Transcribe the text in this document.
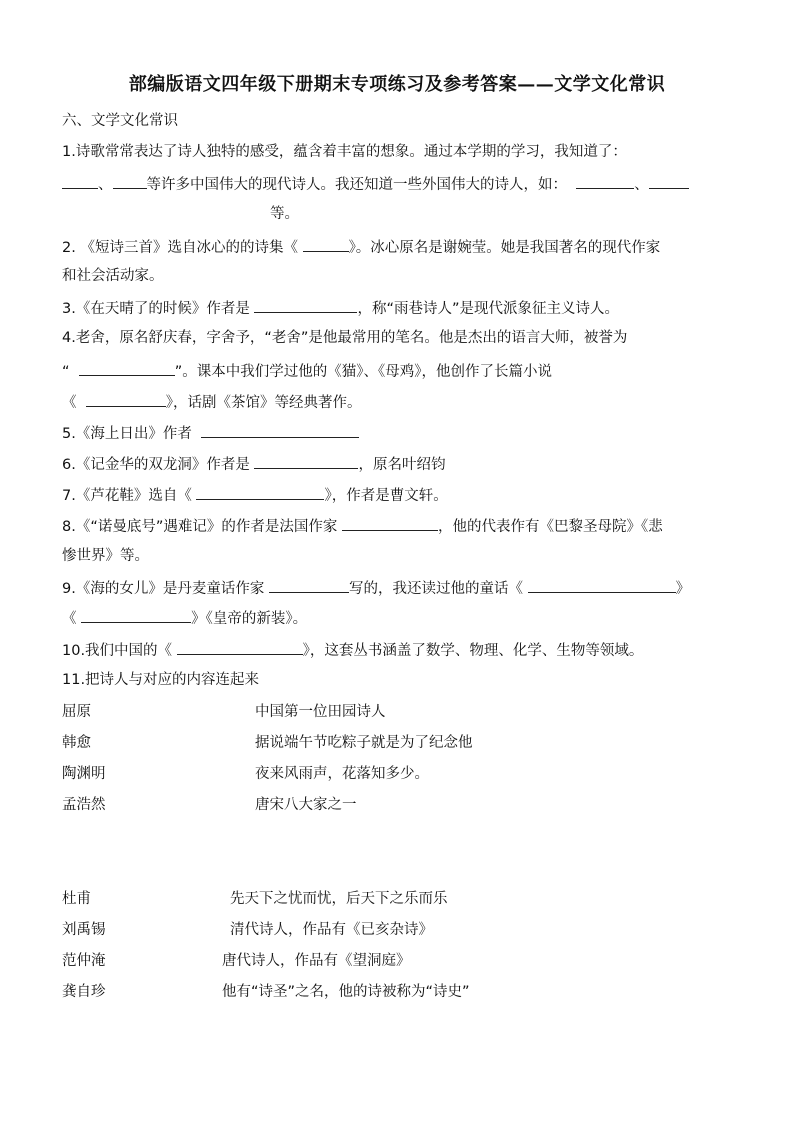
部编版语文四年级下册期末专项练习及参考答案——文学文化常识
六、文学文化常识
1.诗歌常常表达了诗人独特的感受，蕴含着丰富的想象。通过本学期的学习，我知道了：
、 等许多中国伟大的现代诗人。我还知道一些外国伟大的诗人，如：	、
等。
2. 《短诗三首》选自冰心的的诗集《	》。冰心原名是谢婉莹。她是我国著名的现代作家
和社会活动家。
3.《在天晴了的时候》作者是	，称“雨巷诗人”是现代派象征主义诗人。
4.老舍，原名舒庆春，字舍予，“老舍”是他最常用的笔名。他是杰出的语言大师，被誉为
“	”。课本中我们学过他的《猫》、《母鸡》，他创作了长篇小说
《	》，话剧《茶馆》等经典著作。
5.《海上日出》作者
6.《记金华的双龙洞》作者是	，原名叶绍钧
7.《芦花鞋》选自《	》，作者是曹文轩。
8.《“诺曼底号”遇难记》的作者是法国作家	，他的代表作有《巴黎圣母院》《悲
惨世界》等。
9.《海的女儿》是丹麦童话作家	写的，我还读过他的童话《	》
《	》《皇帝的新装》。
10.我们中国的《	》，这套丛书涵盖了数学、物理、化学、生物等领域。
11.把诗人与对应的内容连起来
屈原	中国第一位田园诗人
韩愈	据说端午节吃粽子就是为了纪念他
陶渊明	夜来风雨声，花落知多少。
孟浩然	唐宋八大家之一
杜甫	先天下之忧而忧，后天下之乐而乐
刘禹锡	清代诗人，作品有《已亥杂诗》
范仲淹	唐代诗人，作品有《望洞庭》
龚自珍	他有“诗圣”之名，他的诗被称为“诗史”
